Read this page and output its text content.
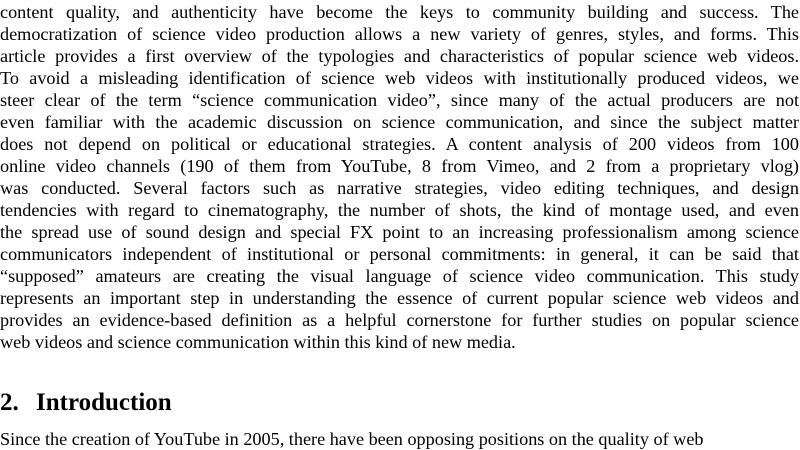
content quality, and authenticity have become the keys to community building and success. The
democratization of science video production allows a new variety of genres, styles, and forms. This
article provides a first overview of the typologies and characteristics of popular science web videos.
To avoid a misleading identification of science web videos with institutionally produced videos, we
steer clear of the term “science communication video”, since many of the actual producers are not
even familiar with the academic discussion on science communication, and since the subject matter
does not depend on political or educational strategies. A content analysis of 200 videos from 100
online video channels (190 of them from YouTube, 8 from Vimeo, and 2 from a proprietary vlog)
was conducted. Several factors such as narrative strategies, video editing techniques, and design
tendencies with regard to cinematography, the number of shots, the kind of montage used, and even
the spread use of sound design and special FX point to an increasing professionalism among science
communicators independent of institutional or personal commitments: in general, it can be said that
“supposed” amateurs are creating the visual language of science video communication. This study
represents an important step in understanding the essence of current popular science web videos and
provides an evidence-based definition as a helpful cornerstone for further studies on popular science
web videos and science communication within this kind of new media.
2. Introduction
Since the creation of YouTube in 2005, there have been opposing positions on the quality of web
